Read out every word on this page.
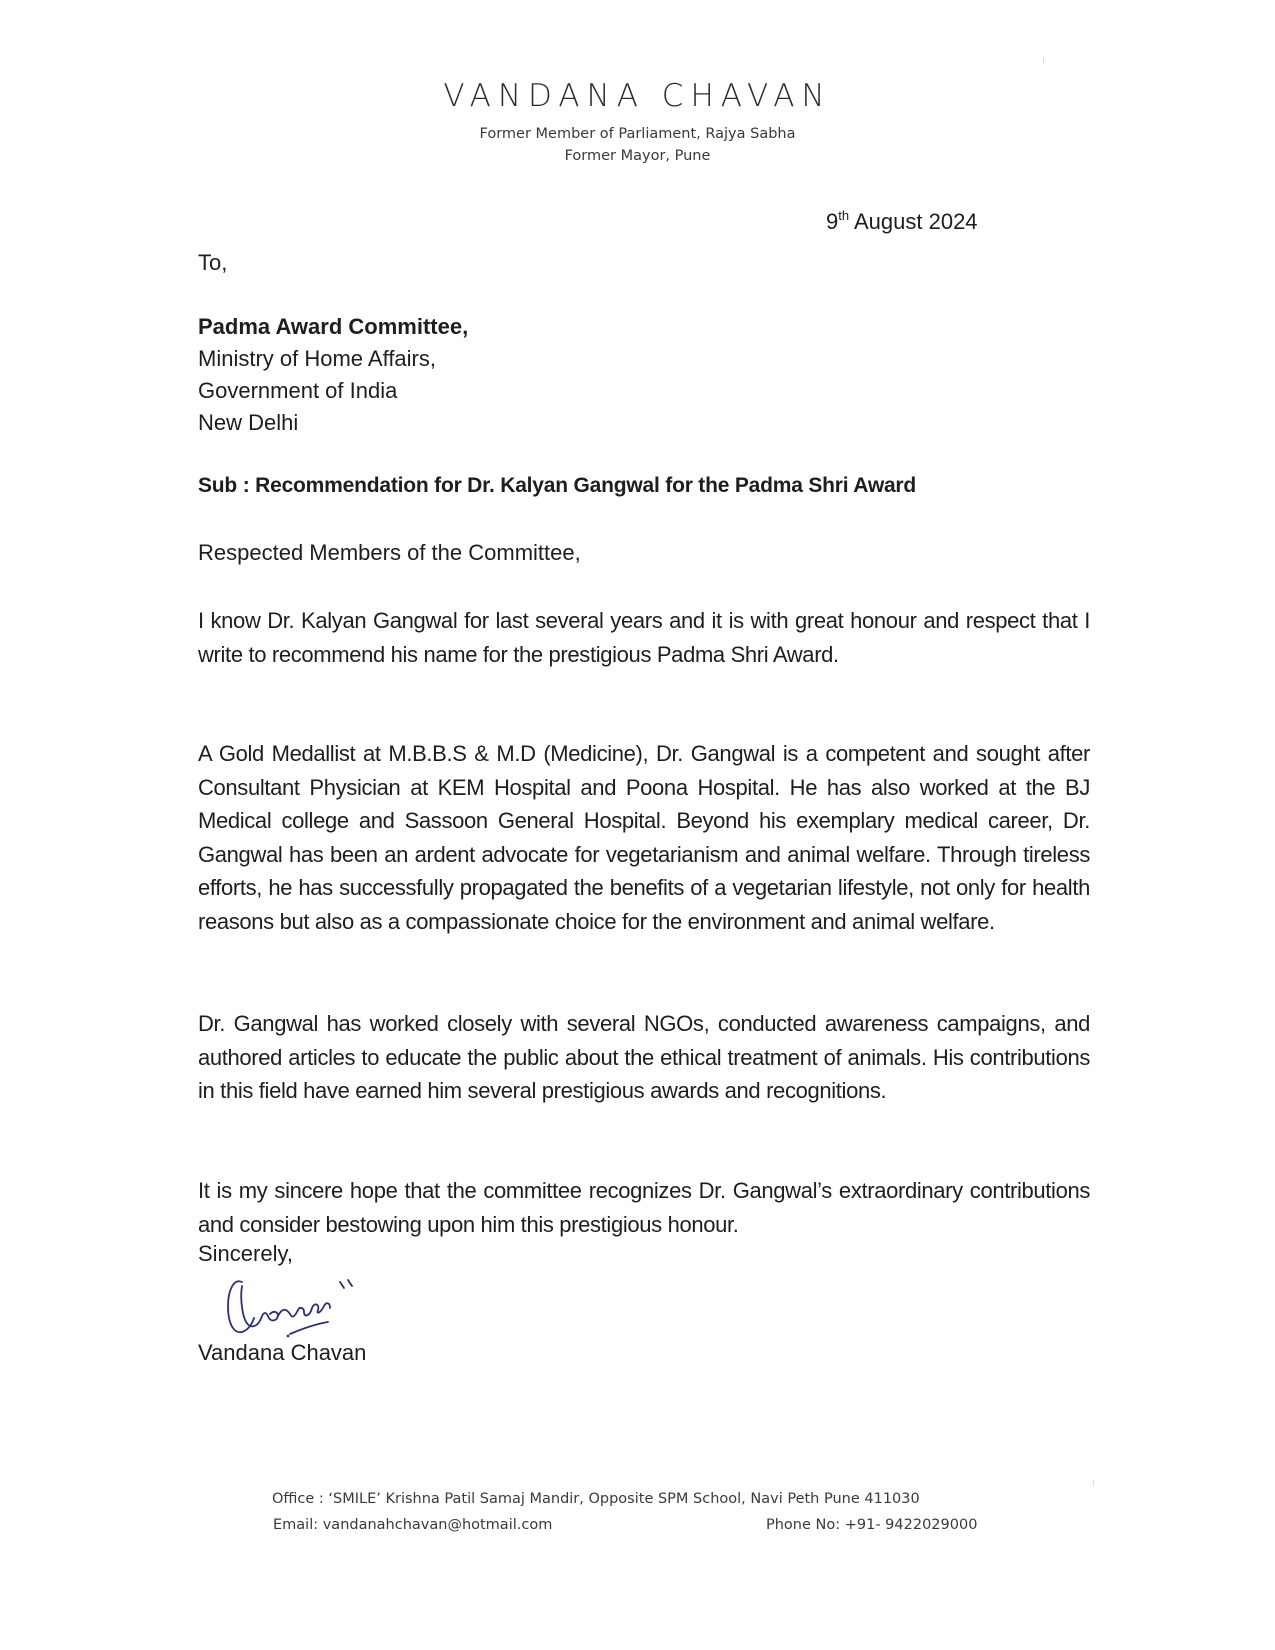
VANDANA CHAVAN
Former Member of Parliament, Rajya Sabha
Former Mayor, Pune
9th August 2024
To,
Padma Award Committee,
Ministry of Home Affairs,
Government of India
New Delhi
Sub : Recommendation for Dr. Kalyan Gangwal for the Padma Shri Award
Respected Members of the Committee,
I know Dr. Kalyan Gangwal for last several years and it is with great honour and respect that I write to recommend his name for the prestigious Padma Shri Award.
A Gold Medallist at M.B.B.S & M.D (Medicine), Dr. Gangwal is a competent and sought after Consultant Physician at KEM Hospital and Poona Hospital. He has also worked at the BJ Medical college and Sassoon General Hospital. Beyond his exemplary medical career, Dr. Gangwal has been an ardent advocate for vegetarianism and animal welfare. Through tireless efforts, he has successfully propagated the benefits of a vegetarian lifestyle, not only for health reasons but also as a compassionate choice for the environment and animal welfare.
Dr. Gangwal has worked closely with several NGOs, conducted awareness campaigns, and authored articles to educate the public about the ethical treatment of animals. His contributions in this field have earned him several prestigious awards and recognitions.
It is my sincere hope that the committee recognizes Dr. Gangwal’s extraordinary contributions and consider bestowing upon him this prestigious honour.
Sincerely,
Vandana Chavan
Office : ‘SMILE’ Krishna Patil Samaj Mandir, Opposite SPM School, Navi Peth Pune 411030
Email: vandanahchavan@hotmail.com	Phone No: +91- 9422029000
